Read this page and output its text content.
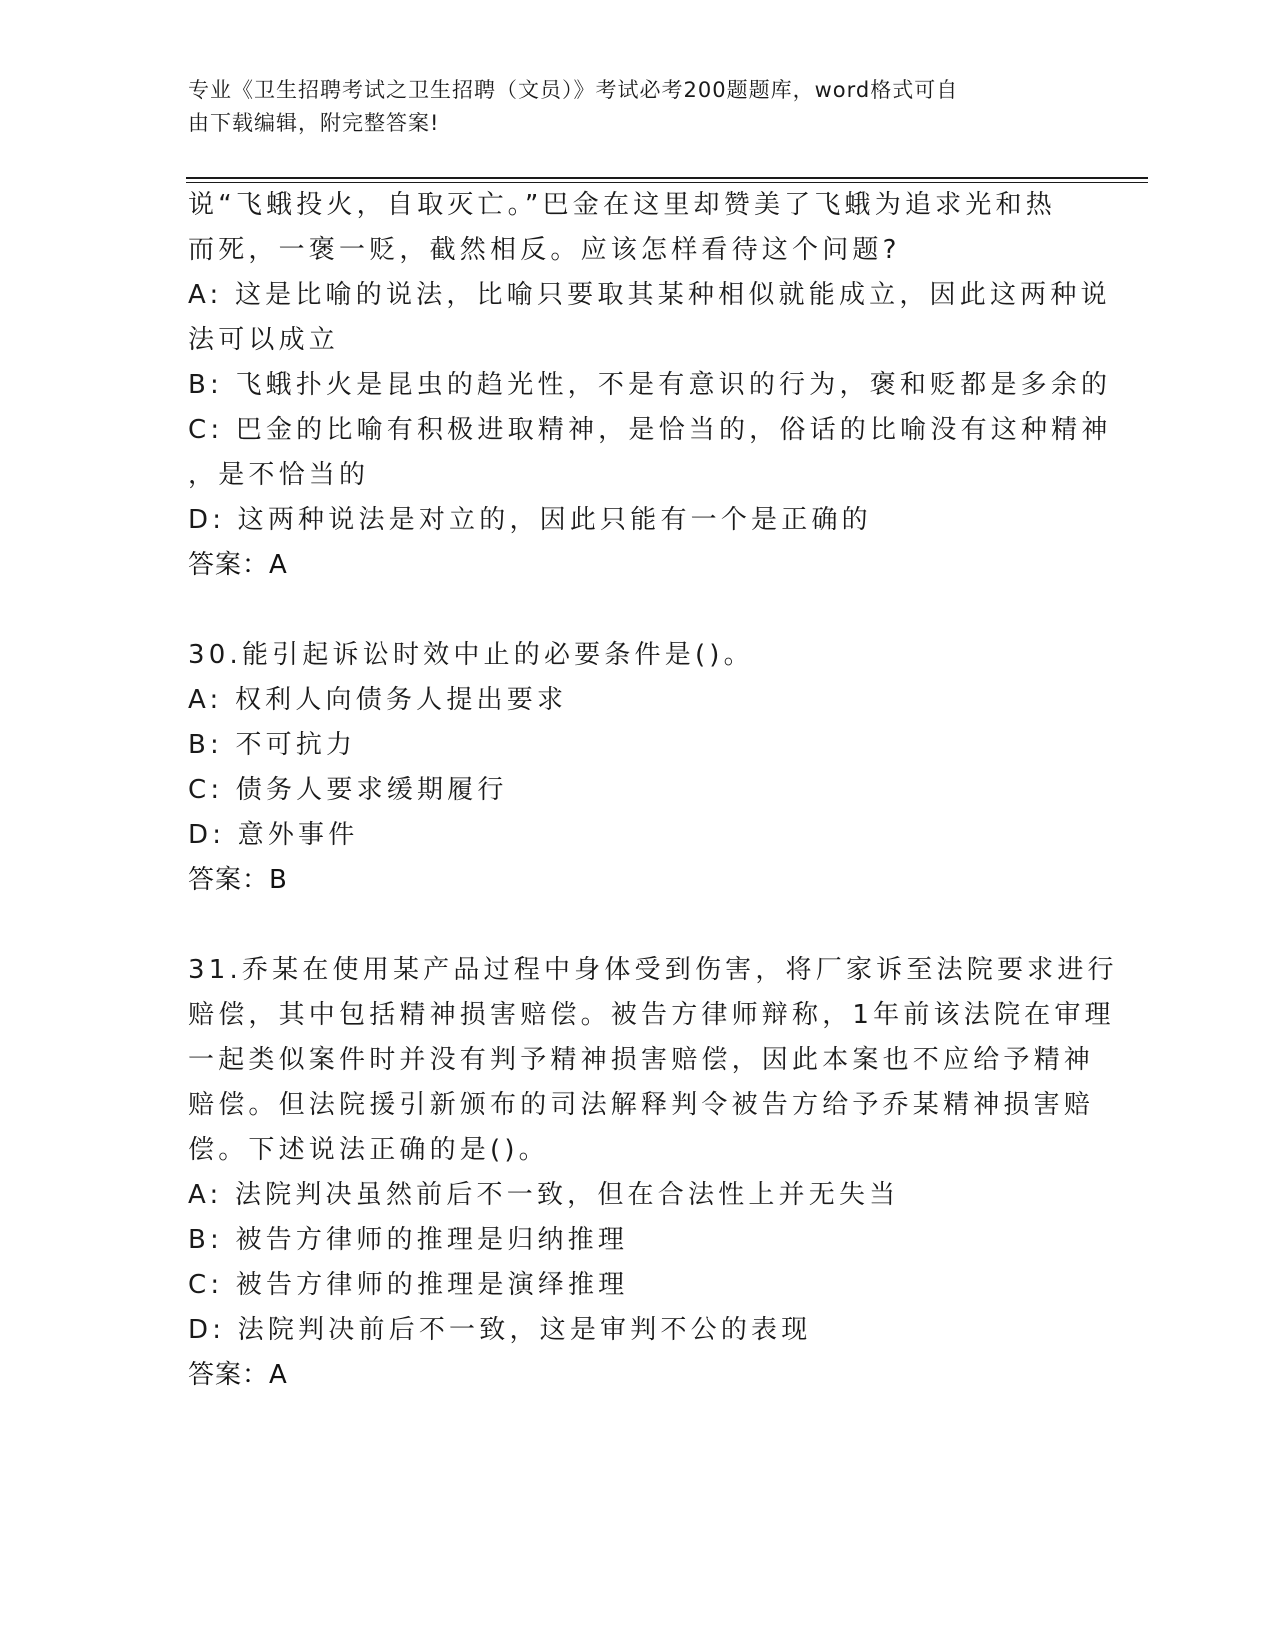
专业《卫生招聘考试之卫生招聘（文员）》考试必考200题题库，word格式可自
由下载编辑，附完整答案!
说“飞蛾投火，自取灭亡。”巴金在这里却赞美了飞蛾为追求光和热
而死，一褒一贬，截然相反。应该怎样看待这个问题?
A: 这是比喻的说法，比喻只要取其某种相似就能成立，因此这两种说
法可以成立
B: 飞蛾扑火是昆虫的趋光性，不是有意识的行为，褒和贬都是多余的
C: 巴金的比喻有积极进取精神，是恰当的，俗话的比喻没有这种精神
，是不恰当的
D: 这两种说法是对立的，因此只能有一个是正确的
答案：A
30.能引起诉讼时效中止的必要条件是()。
A: 权利人向债务人提出要求
B: 不可抗力
C: 债务人要求缓期履行
D: 意外事件
答案：B
31.乔某在使用某产品过程中身体受到伤害，将厂家诉至法院要求进行
赔偿，其中包括精神损害赔偿。被告方律师辩称，1年前该法院在审理
一起类似案件时并没有判予精神损害赔偿，因此本案也不应给予精神
赔偿。但法院援引新颁布的司法解释判令被告方给予乔某精神损害赔
偿。下述说法正确的是()。
A: 法院判决虽然前后不一致，但在合法性上并无失当
B: 被告方律师的推理是归纳推理
C: 被告方律师的推理是演绎推理
D: 法院判决前后不一致，这是审判不公的表现
答案：A
